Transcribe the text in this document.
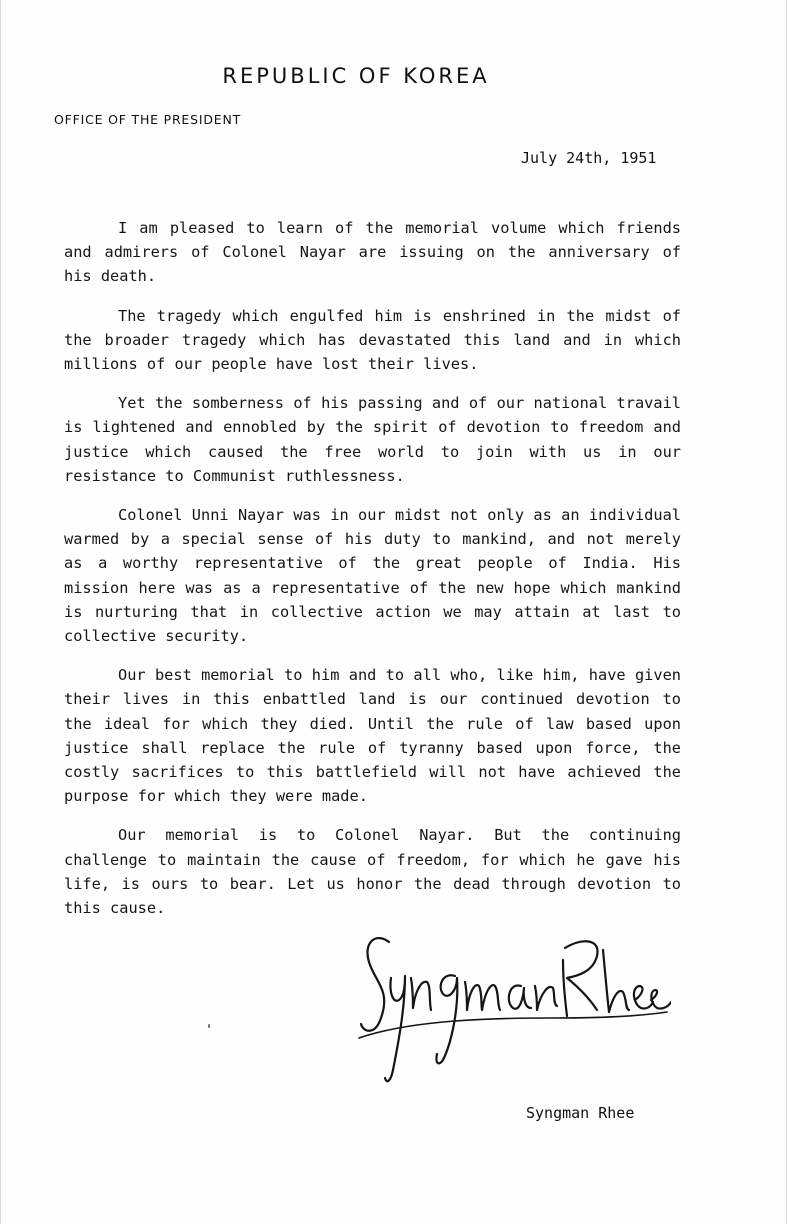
REPUBLIC OF KOREA
OFFICE OF THE PRESIDENT
July 24th, 1951

I am pleased to learn of the memorial volume which friends and admirers of Colonel Nayar are issuing on the anniversary of his death.

The tragedy which engulfed him is enshrined in the midst of the broader tragedy which has devastated this land and in which millions of our people have lost their lives.

Yet the somberness of his passing and of our national travail is lightened and ennobled by the spirit of devotion to freedom and justice which caused the free world to join with us in our resistance to Communist ruthlessness.

Colonel Unni Nayar was in our midst not only as an individual warmed by a special sense of his duty to mankind, and not merely as a worthy representative of the great people of India. His mission here was as a representative of the new hope which mankind is nurturing that in collective action we may attain at last to collective security.

Our best memorial to him and to all who, like him, have given their lives in this enbattled land is our continued devotion to the ideal for which they died. Until the rule of law based upon justice shall replace the rule of tyranny based upon force, the costly sacrifices to this battlefield will not have achieved the purpose for which they were made.

Our memorial is to Colonel Nayar. But the continuing challenge to maintain the cause of freedom, for which he gave his life, is ours to bear. Let us honor the dead through devotion to this cause.

Syngman Rhee
